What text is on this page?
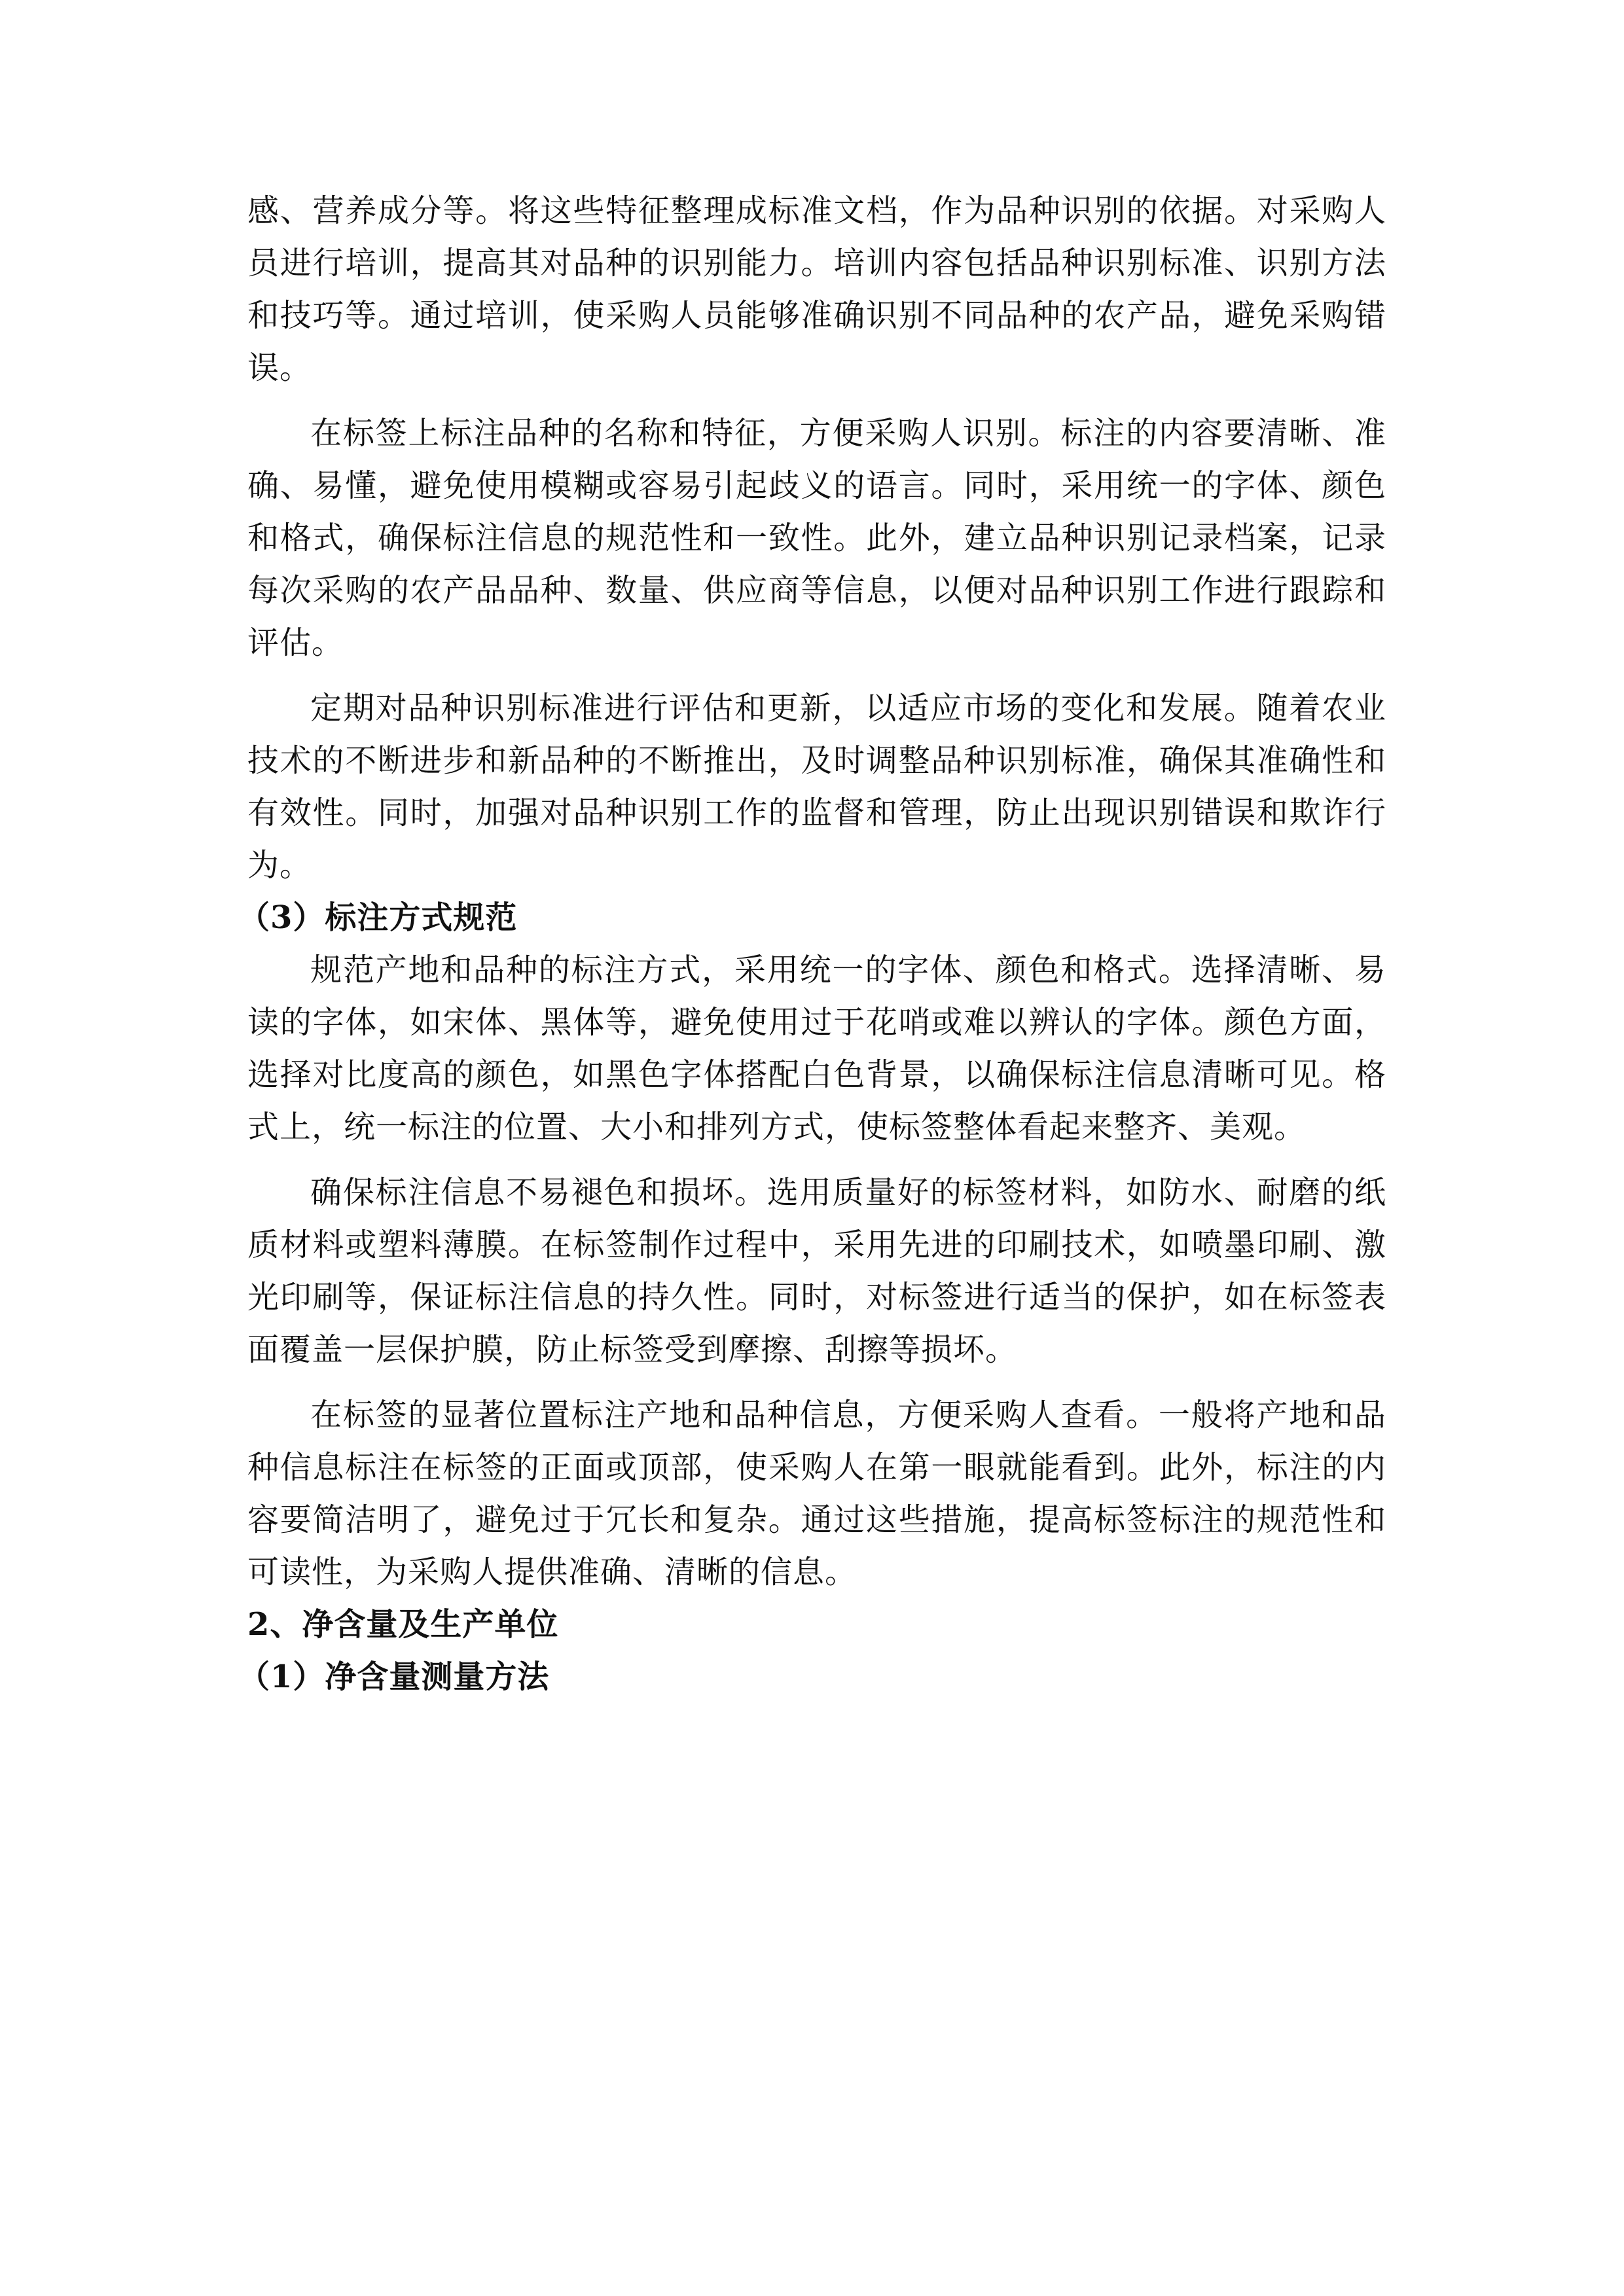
感、营养成分等。将这些特征整理成标准文档，作为品种识别的依据。对采购人员进行培训，提高其对品种的识别能力。培训内容包括品种识别标准、识别方法和技巧等。通过培训，使采购人员能够准确识别不同品种的农产品，避免采购错误。

在标签上标注品种的名称和特征，方便采购人识别。标注的内容要清晰、准确、易懂，避免使用模糊或容易引起歧义的语言。同时，采用统一的字体、颜色和格式，确保标注信息的规范性和一致性。此外，建立品种识别记录档案，记录每次采购的农产品品种、数量、供应商等信息，以便对品种识别工作进行跟踪和评估。

定期对品种识别标准进行评估和更新，以适应市场的变化和发展。随着农业技术的不断进步和新品种的不断推出，及时调整品种识别标准，确保其准确性和有效性。同时，加强对品种识别工作的监督和管理，防止出现识别错误和欺诈行为。

（3）标注方式规范

规范产地和品种的标注方式，采用统一的字体、颜色和格式。选择清晰、易读的字体，如宋体、黑体等，避免使用过于花哨或难以辨认的字体。颜色方面，选择对比度高的颜色，如黑色字体搭配白色背景，以确保标注信息清晰可见。格式上，统一标注的位置、大小和排列方式，使标签整体看起来整齐、美观。

确保标注信息不易褪色和损坏。选用质量好的标签材料，如防水、耐磨的纸质材料或塑料薄膜。在标签制作过程中，采用先进的印刷技术，如喷墨印刷、激光印刷等，保证标注信息的持久性。同时，对标签进行适当的保护，如在标签表面覆盖一层保护膜，防止标签受到摩擦、刮擦等损坏。

在标签的显著位置标注产地和品种信息，方便采购人查看。一般将产地和品种信息标注在标签的正面或顶部，使采购人在第一眼就能看到。此外，标注的内容要简洁明了，避免过于冗长和复杂。通过这些措施，提高标签标注的规范性和可读性，为采购人提供准确、清晰的信息。

2、净含量及生产单位
（1）净含量测量方法
